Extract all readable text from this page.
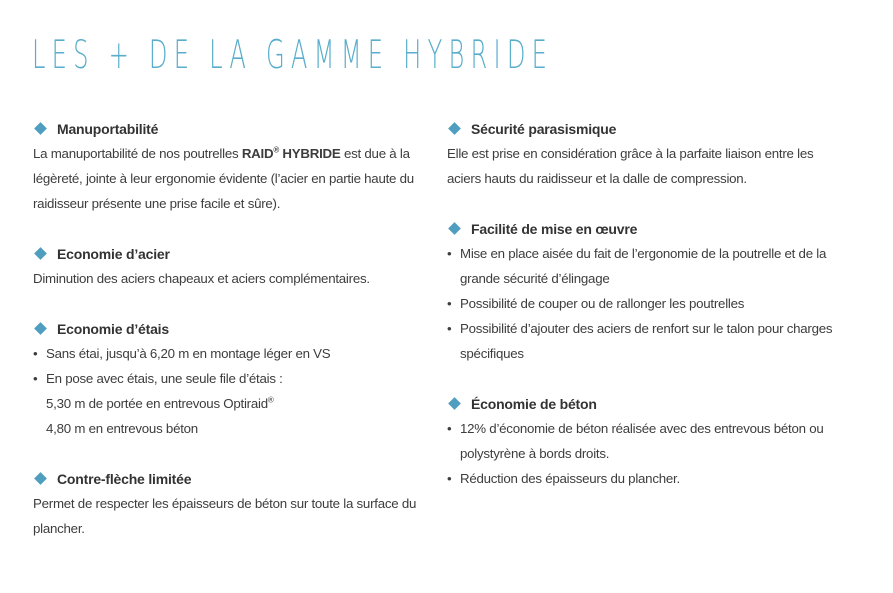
LES + DE LA GAMME HYBRIDE
Manuportabilité
La manuportabilité de nos poutrelles RAID® HYBRIDE est due à la légèreté, jointe à leur ergonomie évidente (l’acier en partie haute du raidisseur présente une prise facile et sûre).
Economie d’acier
Diminution des aciers chapeaux et aciers complémentaires.
Economie d’étais
• Sans étai, jusqu’à 6,20 m en montage léger en VS
• En pose avec étais, une seule file d’étais :
5,30 m de portée en entrevous Optiraid®
4,80 m en entrevous béton
Contre-flèche limitée
Permet de respecter les épaisseurs de béton sur toute la surface du plancher.
Sécurité parasismique
Elle est prise en considération grâce à la parfaite liaison entre les aciers hauts du raidisseur et la dalle de compression.
Facilité de mise en œuvre
• Mise en place aisée du fait de l’ergonomie de la poutrelle et de la grande sécurité d’élingage
• Possibilité de couper ou de rallonger les poutrelles
• Possibilité d’ajouter des aciers de renfort sur le talon pour charges spécifiques
Économie de béton
• 12% d’économie de béton réalisée avec des entrevous béton ou polystyrène à bords droits.
• Réduction des épaisseurs du plancher.
